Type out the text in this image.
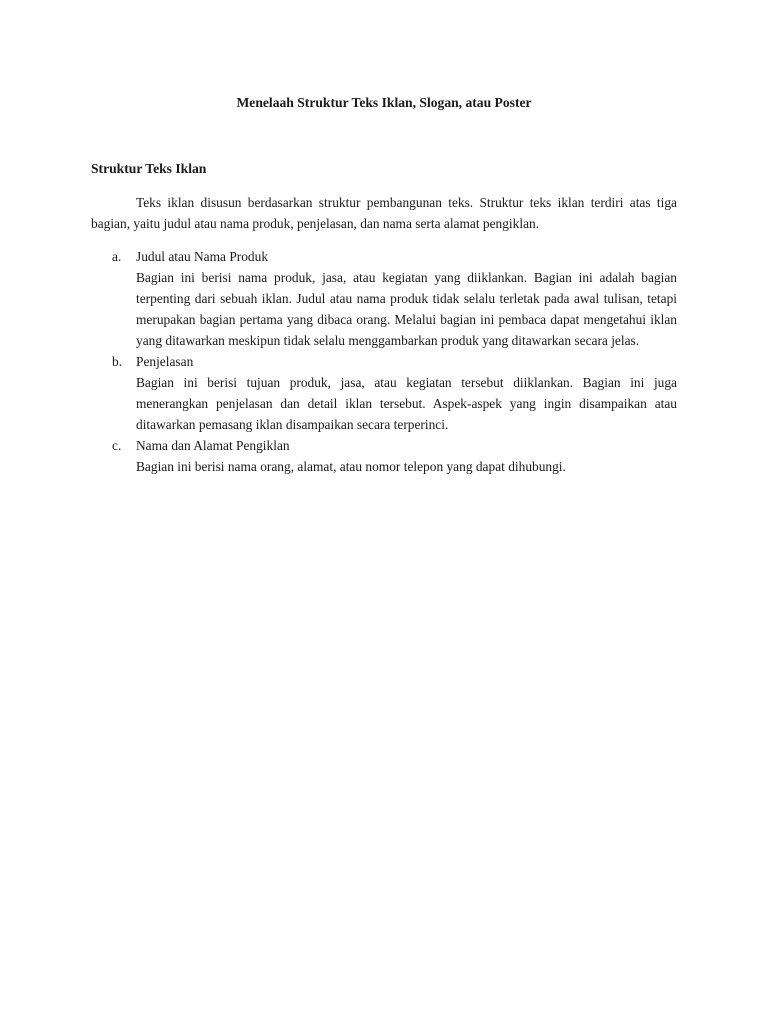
Menelaah Struktur Teks Iklan, Slogan, atau Poster
Struktur Teks Iklan

Teks iklan disusun berdasarkan struktur pembangunan teks. Struktur teks iklan terdiri atas tiga bagian, yaitu judul atau nama produk, penjelasan, dan nama serta alamat pengiklan.

a. Judul atau Nama Produk
Bagian ini berisi nama produk, jasa, atau kegiatan yang diiklankan. Bagian ini adalah bagian terpenting dari sebuah iklan. Judul atau nama produk tidak selalu terletak pada awal tulisan, tetapi merupakan bagian pertama yang dibaca orang. Melalui bagian ini pembaca dapat mengetahui iklan yang ditawarkan meskipun tidak selalu menggambarkan produk yang ditawarkan secara jelas.
b. Penjelasan
Bagian ini berisi tujuan produk, jasa, atau kegiatan tersebut diiklankan. Bagian ini juga menerangkan penjelasan dan detail iklan tersebut. Aspek-aspek yang ingin disampaikan atau ditawarkan pemasang iklan disampaikan secara terperinci.
c. Nama dan Alamat Pengiklan
Bagian ini berisi nama orang, alamat, atau nomor telepon yang dapat dihubungi.
